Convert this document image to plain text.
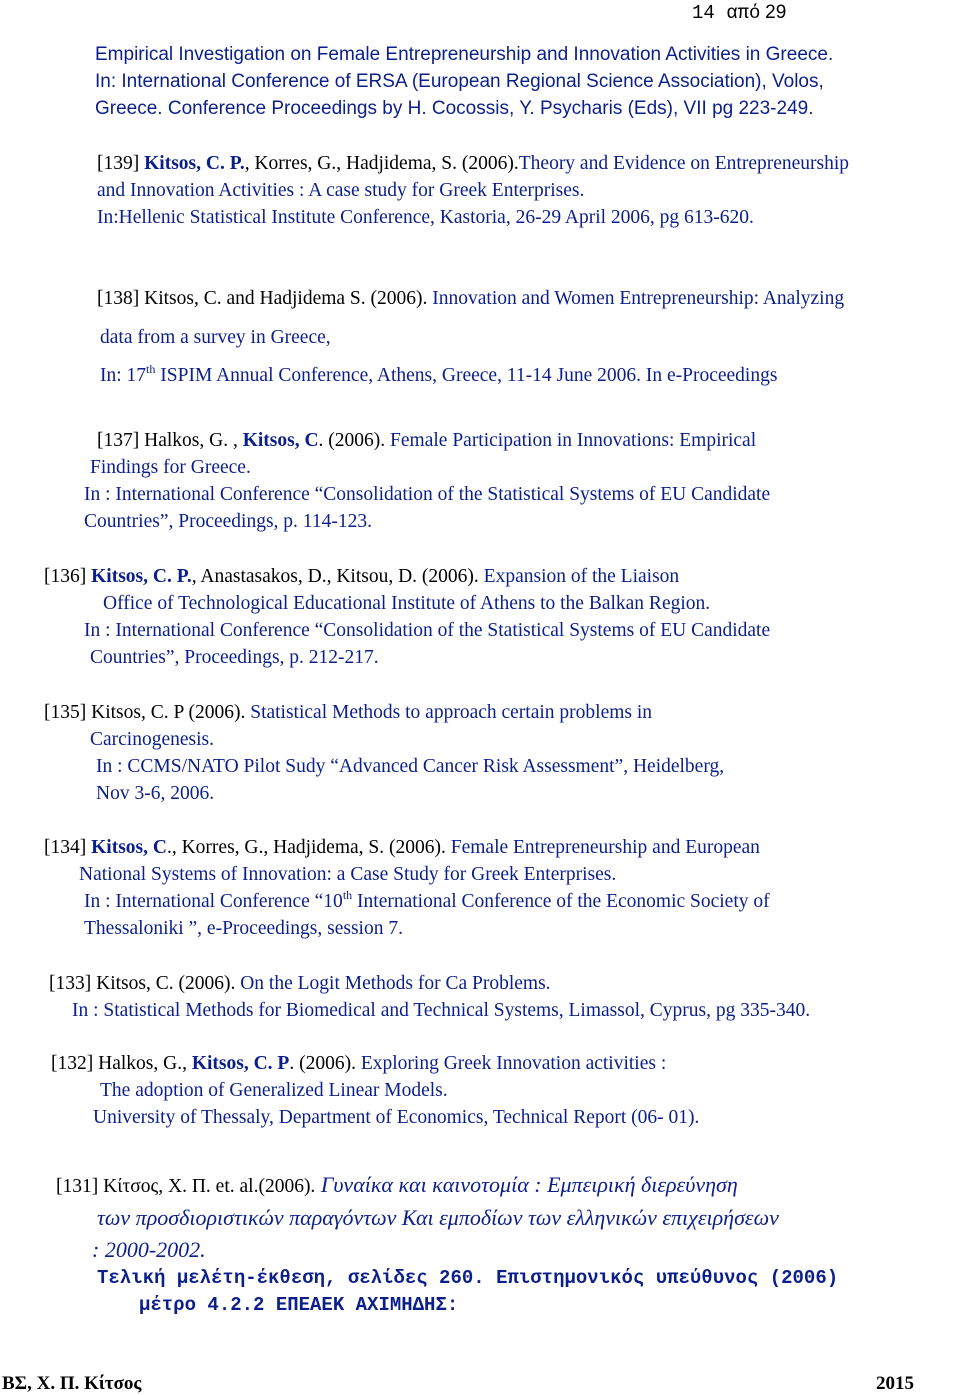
14 από 29
Empirical Investigation on Female Entrepreneurship and Innovation Activities in Greece.
In: International Conference of ERSA (European Regional Science Association), Volos,
Greece. Conference Proceedings by H. Cocossis, Y. Psycharis (Eds), VII pg 223-249.
[139] Kitsos, C. P., Korres, G., Hadjidema, S. (2006).Theory and Evidence on Entrepreneurship
and Innovation Activities : A case study for Greek Enterprises.
In:Hellenic Statistical Institute Conference, Kastoria, 26-29 April 2006, pg 613-620.
[138] Kitsos, C. and Hadjidema S. (2006). Innovation and Women Entrepreneurship: Analyzing
data from a survey in Greece,
In: 17th ISPIM Annual Conference, Athens, Greece, 11-14 June 2006. In e-Proceedings
[137] Halkos, G. , Kitsos, C. (2006). Female Participation in Innovations: Empirical
Findings for Greece.
In : International Conference “Consolidation of the Statistical Systems of EU Candidate
Countries”, Proceedings, p. 114-123.
[136] Kitsos, C. P., Anastasakos, D., Kitsou, D. (2006). Expansion of the Liaison
Office of Technological Educational Institute of Athens to the Balkan Region.
In : International Conference “Consolidation of the Statistical Systems of EU Candidate
Countries”, Proceedings, p. 212-217.
[135] Kitsos, C. P (2006). Statistical Methods to approach certain problems in
Carcinogenesis.
In : CCMS/NATO Pilot Sudy “Advanced Cancer Risk Assessment”, Heidelberg,
Nov 3-6, 2006.
[134] Kitsos, C., Korres, G., Hadjidema, S. (2006). Female Entrepreneurship and European
National Systems of Innovation: a Case Study for Greek Enterprises.
In : International Conference “10th International Conference of the Economic Society of
Thessaloniki ”, e-Proceedings, session 7.
[133] Kitsos, C. (2006). On the Logit Methods for Ca Problems.
In : Statistical Methods for Biomedical and Technical Systems, Limassol, Cyprus, pg 335-340.
[132] Halkos, G., Kitsos, C. P. (2006). Exploring Greek Innovation activities :
The adoption of Generalized Linear Models.
University of Thessaly, Department of Economics, Technical Report (06- 01).
[131] Κίτσος, Χ. Π. et. al.(2006). Γυναίκα και καινοτομία : Εμπειρική διερεύνηση
των προσδιοριστικών παραγόντων Και εμποδίων των ελληνικών επιχειρήσεων
: 2000-2002.
Τελική μελέτη-έκθεση, σελίδες 260. Επιστημονικός υπεύθυνος (2006)
μέτρο 4.2.2 ΕΠΕΑΕΚ ΑΧΙΜΗΔΗΣ:
ΒΣ, Χ. Π. Κίτσος	2015
